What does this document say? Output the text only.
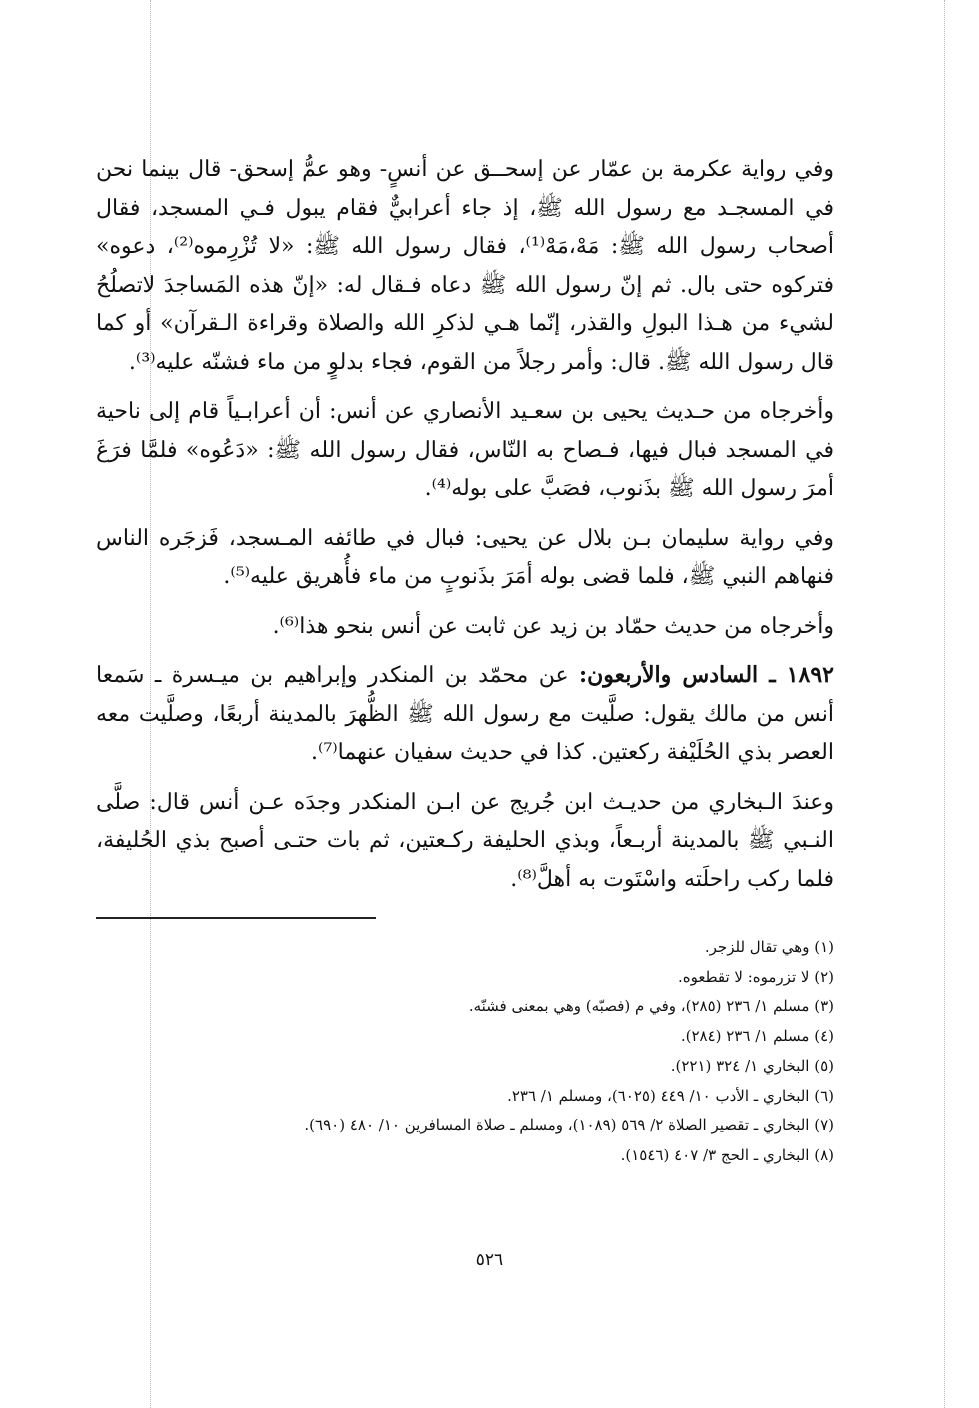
وفي رواية عكرمة بن عمّار عن إسحــق عن أنسٍ- وهو عمُّ إسحق- قال بينما نحن في المسجـد مع رسول الله ﷺ، إذ جاء أعرابيٌّ فقام يبول فـي المسجد، فقال أصحاب رسول الله ﷺ: مَهْ،مَهْ⁽¹⁾، فقال رسول الله ﷺ: «لا تُزْرِموه⁽²⁾، دعوه» فتركوه حتى بال. ثم إنّ رسول الله ﷺ دعاه فـقال له: «إنّ هذه المَساجدَ لاتصلُحُ لشيء من هـذا البولِ والقذر، إنّما هـي لذكرِ الله والصلاة وقراءة الـقرآن» أو كما قال رسول الله ﷺ. قال: وأمر رجلاً من القوم، فجاء بدلوٍ من ماء فشنّه عليه⁽³⁾.

وأخرجاه من حـديث يحيى بن سعـيد الأنصاري عن أنس: أن أعرابـياً قام إلى ناحية في المسجد فبال فيها، فـصاح به النّاس، فقال رسول الله ﷺ: «دَعُوه» فلمَّا فرَغَ أمرَ رسول الله ﷺ بذَنوب، فصَبَّ على بوله⁽⁴⁾.

وفي رواية سليمان بـن بلال عن يحيى: فبال في طائفه المـسجد، فَزجَره الناس فنهاهم النبي ﷺ، فلما قضى بوله أمَرَ بذَنوبٍ من ماء فأُهريق عليه⁽⁵⁾.

وأخرجاه من حديث حمّاد بن زيد عن ثابت عن أنس بنحو هذا⁽⁶⁾.

١٨٩٢ ـ السادس والأربعون: عن محمّد بن المنكدر وإبراهيم بن ميـسرة ـ سَمعا أنس من مالك يقول: صلَّيت مع رسول الله ﷺ الظُّهرَ بالمدينة أربعًا، وصلَّيت معه العصر بذي الحُلَيْفة ركعتين. كذا في حديث سفيان عنهما⁽⁷⁾.

وعندَ الـبخاري من حديـث ابن جُريج عن ابـن المنكدر وجدَه عـن أنس قال: صلَّى النـبي ﷺ بالمدينة أربـعاً، وبذي الحليفة ركـعتين، ثم بات حتـى أصبح بذي الحُليفة، فلما ركب راحلَته واسْتَوت به أهلَّ⁽⁸⁾.

(١) وهي تقال للزجر.

(٢) لا تزرموه: لا تقطعوه.

(٣) مسلم ١/ ٢٣٦ (٢٨٥)، وفي م (فصبّه) وهي بمعنى فشنّه.

(٤) مسلم ١/ ٢٣٦ (٢٨٤).

(٥) البخاري ١/ ٣٢٤ (٢٢١).

(٦) البخاري ـ الأدب ١٠/ ٤٤٩ (٦٠٢٥)، ومسلم ١/ ٢٣٦.

(٧) البخاري ـ تقصير الصلاة ٢/ ٥٦٩ (١٠٨٩)، ومسلم ـ صلاة المسافرين ١٠/ ٤٨٠ (٦٩٠).

(٨) البخاري ـ الحج ٣/ ٤٠٧ (١٥٤٦).

٥٢٦
